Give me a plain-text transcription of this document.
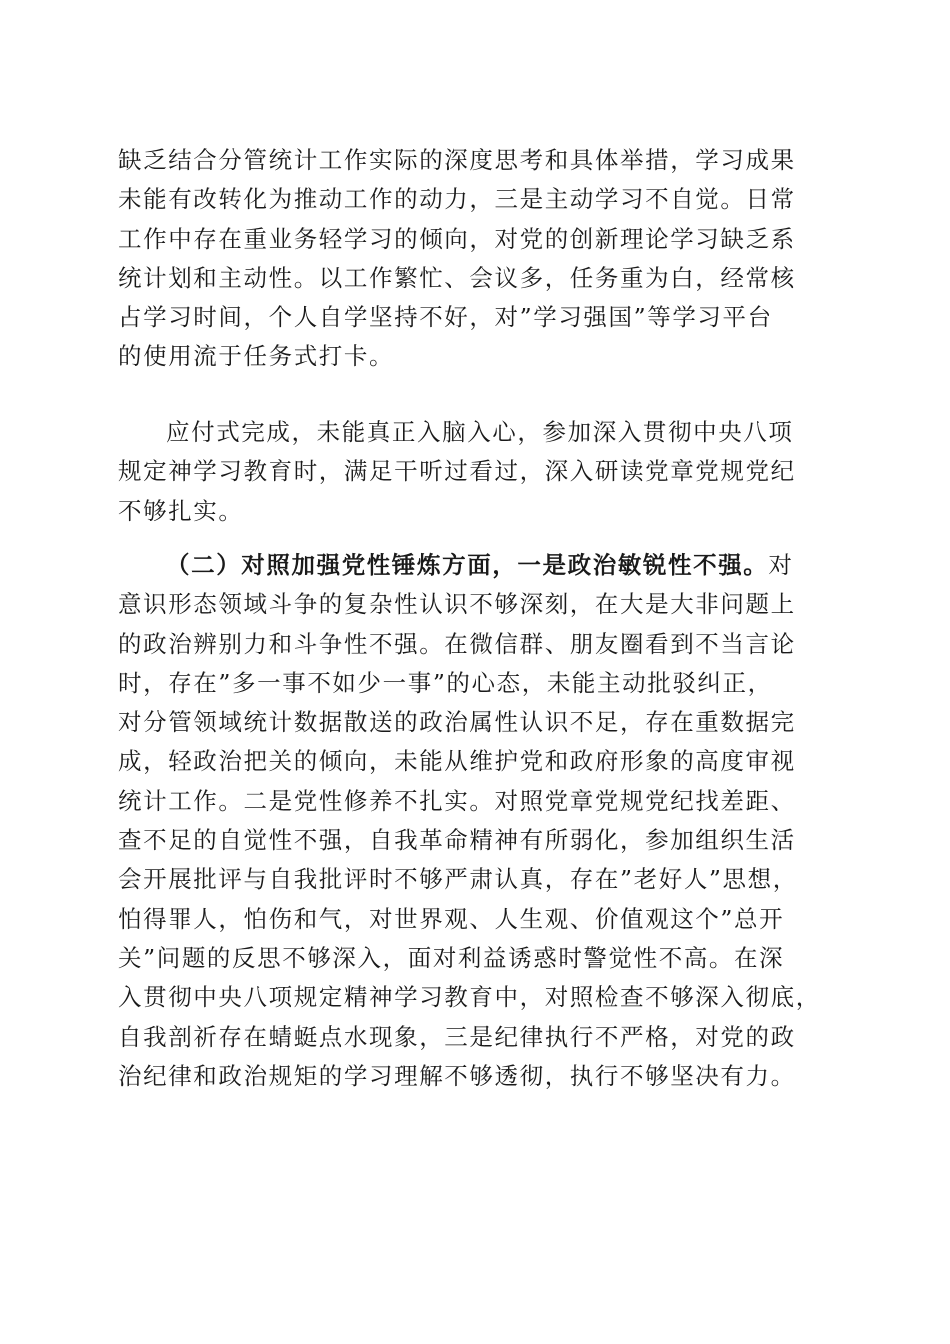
缺乏结合分管统计工作实际的深度思考和具体举措，学习成果
未能有改转化为推动工作的动力，三是主动学习不自觉。日常
工作中存在重业务轻学习的倾向，对党的创新理论学习缺乏系
统计划和主动性。以工作繁忙、会议多，任务重为白，经常核
占学习时间，个人自学坚持不好，对”学习强国”等学习平台
的使用流于任务式打卡。
应付式完成，未能真正入脑入心，参加深入贯彻中央八项
规定神学习教育时，满足干听过看过，深入研读党章党规党纪
不够扎实。
（二）对照加强党性锤炼方面，一是政治敏锐性不强。对
意识形态领域斗争的复杂性认识不够深刻，在大是大非问题上
的政治辨别力和斗争性不强。在微信群、朋友圈看到不当言论
时，存在”多一事不如少一事”的心态，未能主动批驳纠正，
对分管领域统计数据散送的政治属性认识不足，存在重数据完
成，轻政治把关的倾向，未能从维护党和政府形象的高度审视
统计工作。二是党性修养不扎实。对照党章党规党纪找差距、
查不足的自觉性不强，自我革命精神有所弱化，参加组织生活
会开展批评与自我批评时不够严肃认真，存在”老好人”思想，
怕得罪人，怕伤和气，对世界观、人生观、价值观这个”总开
关”问题的反思不够深入，面对利益诱惑时警觉性不高。在深
入贯彻中央八项规定精神学习教育中，对照检查不够深入彻底，
自我剖祈存在蜻蜓点水现象，三是纪律执行不严格，对党的政
治纪律和政治规矩的学习理解不够透彻，执行不够坚决有力。
